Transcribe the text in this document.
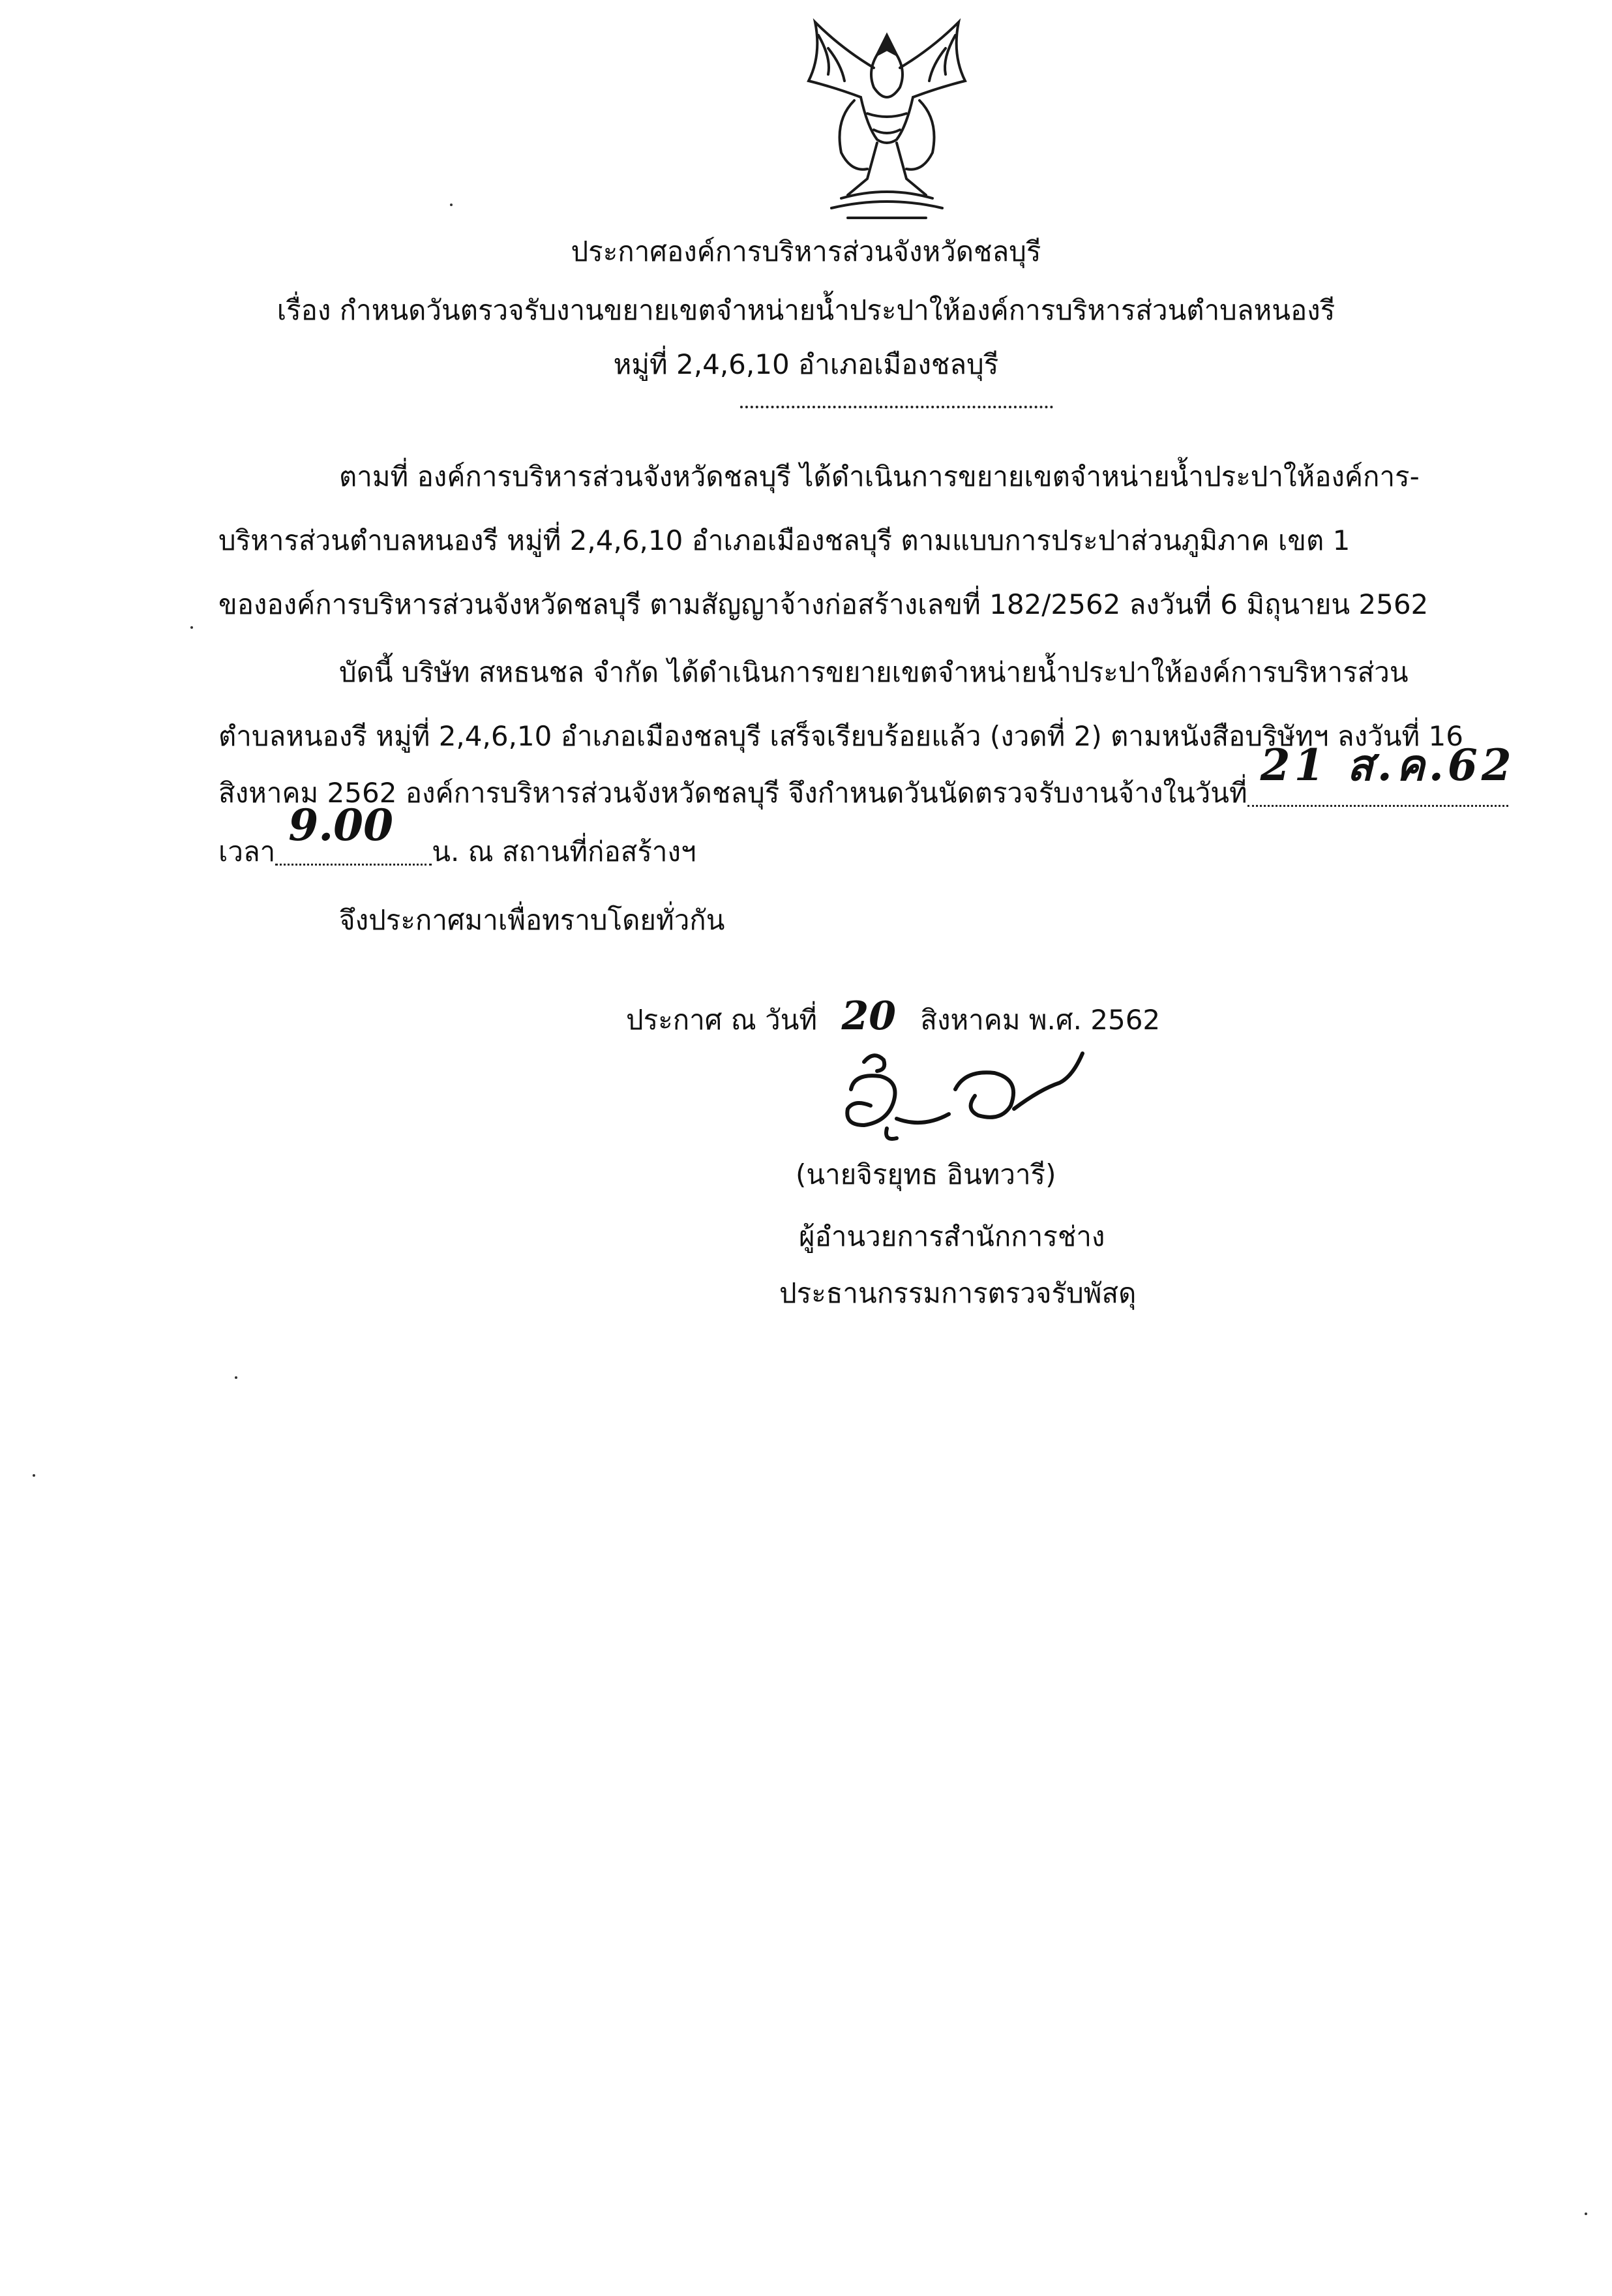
ประกาศองค์การบริหารส่วนจังหวัดชลบุรี
เรื่อง กำหนดวันตรวจรับงานขยายเขตจำหน่ายน้ำประปาให้องค์การบริหารส่วนตำบลหนองรี
หมู่ที่ 2,4,6,10 อำเภอเมืองชลบุรี
ตามที่ องค์การบริหารส่วนจังหวัดชลบุรี ได้ดำเนินการขยายเขตจำหน่ายน้ำประปาให้องค์การ-
บริหารส่วนตำบลหนองรี หมู่ที่ 2,4,6,10 อำเภอเมืองชลบุรี ตามแบบการประปาส่วนภูมิภาค เขต 1
ขององค์การบริหารส่วนจังหวัดชลบุรี ตามสัญญาจ้างก่อสร้างเลขที่ 182/2562 ลงวันที่ 6 มิถุนายน 2562
บัดนี้ บริษัท สหธนชล จำกัด ได้ดำเนินการขยายเขตจำหน่ายน้ำประปาให้องค์การบริหารส่วน
ตำบลหนองรี หมู่ที่ 2,4,6,10 อำเภอเมืองชลบุรี เสร็จเรียบร้อยแล้ว (งวดที่ 2) ตามหนังสือบริษัทฯ ลงวันที่ 16
สิงหาคม 2562 องค์การบริหารส่วนจังหวัดชลบุรี จึงกำหนดวันนัดตรวจรับงานจ้างในวันที่
21 ส.ค.62
เวลา
9.00
น. ณ สถานที่ก่อสร้างฯ
จึงประกาศมาเพื่อทราบโดยทั่วกัน
ประกาศ ณ วันที่ 20 สิงหาคม พ.ศ. 2562
(นายจิรยุทธ อินทวารี)
ผู้อำนวยการสำนักการช่าง
ประธานกรรมการตรวจรับพัสดุ
